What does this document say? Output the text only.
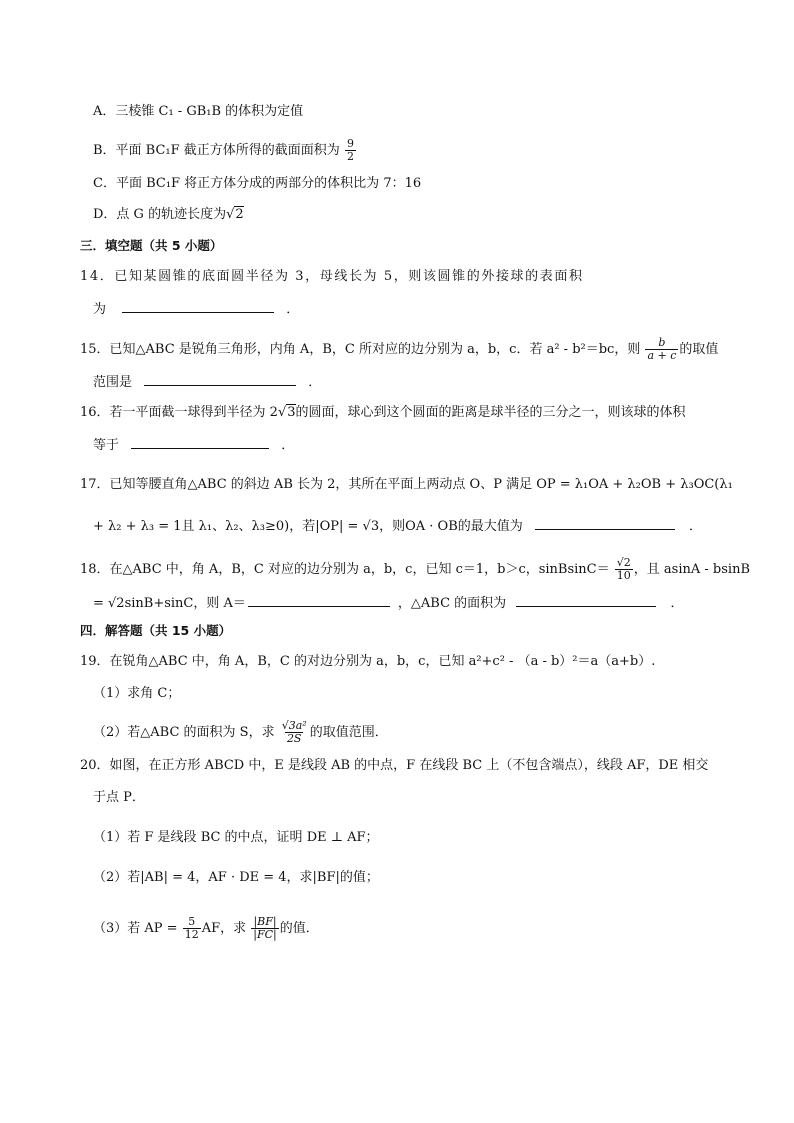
A．三棱锥 C₁ - GB₁B 的体积为定值
B．平面 BC₁F 截正方体所得的截面面积为 $\frac{9}{2}$
C．平面 BC₁F 将正方体分成的两部分的体积比为 7：16
D．点 G 的轨迹长度为√2
三．填空题（共 5 小题）
14．已知某圆锥的底面圆半径为 3，母线长为 5，则该圆锥的外接球的表面积
为	．
15．已知△ABC 是锐角三角形，内角 A，B，C 所对应的边分别为 a，b，c．若 a² - b²＝bc，则 $\frac{b}{a + c}$ 的取值
范围是	．
16．若一平面截一球得到半径为 2√3的圆面，球心到这个圆面的距离是球半径的三分之一，则该球的体积
等于	．
17．已知等腰直角△ABC 的斜边 AB 长为 2，其所在平面上两动点 O、P 满足 OP = λ₁OA + λ₂OB + λ₃OC(λ₁
+ λ₂ + λ₃ = 1且 λ₁、λ₂、λ₃≥0)，若|OP| = √3，则OA · OB的最大值为	．
18．在△ABC 中，角 A，B，C 对应的边分别为 a，b，c，已知 c＝1，b＞c，sinBsinC＝ $\frac{√2}{10}$ ，且 asinA - bsinB
= √2sinB+sinC，则 A＝	，△ABC 的面积为	．
四．解答题（共 15 小题）
19．在锐角△ABC 中，角 A，B，C 的对边分别为 a，b，c，已知 a²+c² - （a - b）²＝a（a+b）.
（1）求角 C；
（2）若△ABC 的面积为 S，求 $\frac{\text{√3a²}}{2S}$ 的取值范围．
20．如图，在正方形 ABCD 中，E 是线段 AB 的中点，F 在线段 BC 上（不包含端点），线段 AF，DE 相交
于点 P．
（1）若 F 是线段 BC 的中点，证明 DE ⊥ AF；
（2）若|AB| = 4，AF · DE = 4，求|BF|的值；
（3）若 AP = $\frac{5}{12}$ AF，求 $\frac{|BF|}{|FC|}$ 的值．
